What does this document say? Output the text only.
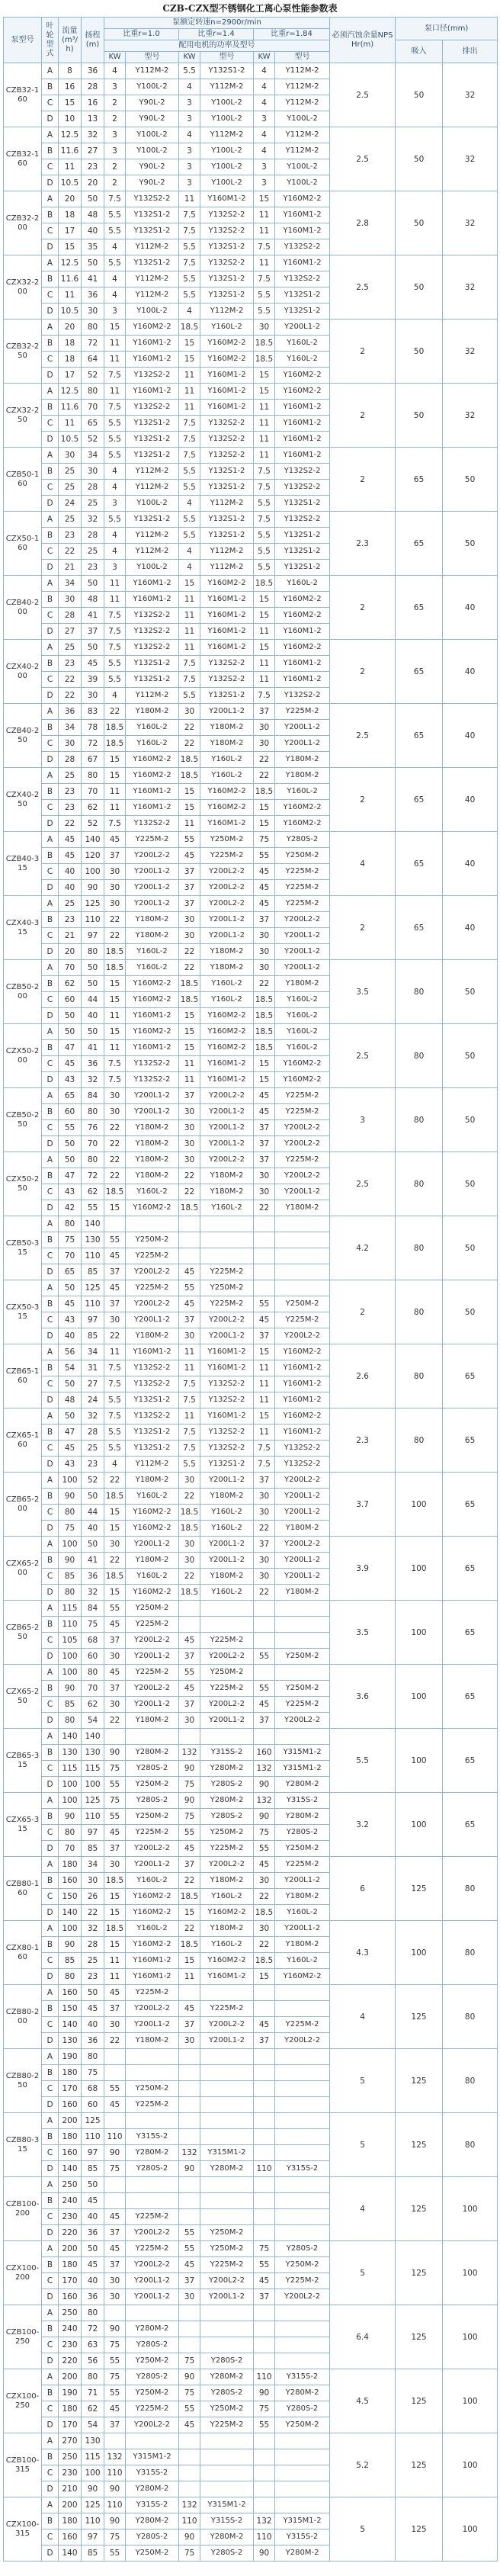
CZB-CZX型不锈钢化工离心泵性能参数表
泵型号	叶轮型式	流量(m³/h)	扬程(m)	泵额定转速n=2900r/min						必须汽蚀余量NPSHr(m)	泵口径(mm)	
				比重r=1.0		比重r=1.4		比重r=1.84				
				配用电机的功率及型号							吸入	排出
				KW	型号	KW	型号	KW	型号			
CZB32-160	A	8	36	4	Y112M-2	5.5	Y132S1-2	4	Y112M-2	2.5	50	32
	B	16	28	3	Y100L-2	4	Y112M-2	4	Y112M-2			
	C	15	16	2	Y90L-2	3	Y100L-2	4	Y112M-2			
	D	10	13	2	Y90L-2	3	Y100L-2	3	Y100L-2			
CZB32-160	A	12.5	32	3	Y100L-2	4	Y112M-2	4	Y112M-2	2.5	50	32
	B	11.6	27	3	Y100L-2	3	Y100L-2	4	Y112M-2			
	C	11	23	2	Y90L-2	3	Y100L-2	3	Y100L-2			
	D	10.5	20	2	Y90L-2	3	Y100L-2	3	Y100L-2			
CZB32-200	A	20	50	7.5	Y132S2-2	11	Y160M1-2	15	Y160M2-2	2.8	50	32
	B	18	48	5.5	Y132S1-2	7.5	Y132S2-2	11	Y160M1-2			
	C	17	40	5.5	Y132S1-2	7.5	Y132S2-2	11	Y160M1-2			
	D	15	35	4	Y112M-2	5.5	Y132S1-2	7.5	Y132S2-2			
CZX32-200	A	12.5	50	5.5	Y132S1-2	7.5	Y132S2-2	11	Y160M1-2	2.5	50	32
	B	11.6	41	4	Y112M-2	5.5	Y132S1-2	7.5	Y132S2-2			
	C	11	36	4	Y112M-2	5.5	Y132S1-2	5.5	Y132S1-2			
	D	10.5	30	3	Y100L-2	4	Y112M-2	5.5	Y132S1-2			
CZB32-250	A	20	80	15	Y160M2-2	18.5	Y160L-2	30	Y200L1-2	2	50	32
	B	18	72	11	Y160M1-2	15	Y160M2-2	18.5	Y160L-2			
	C	18	64	11	Y160M1-2	15	Y160M2-2	18.5	Y160L-2			
	D	17	52	7.5	Y132S2-2	11	Y160M1-2	15	Y160M2-2			
CZX32-250	A	12.5	80	11	Y160M1-2	11	Y160M1-2	15	Y160M2-2	2	50	32
	B	11.6	70	7.5	Y132S2-2	11	Y160M1-2	11	Y160M1-2			
	C	11	65	5.5	Y132S1-2	7.5	Y132S2-2	11	Y160M1-2			
	D	10.5	52	5.5	Y132S1-2	7.5	Y132S2-2	11	Y160M1-2			
CZB50-160	A	30	34	5.5	Y132S1-2	7.5	Y132S2-2	11	Y160M1-2	2	65	50
	B	25	30	4	Y112M-2	5.5	Y132S1-2	7.5	Y132S2-2			
	C	25	28	4	Y112M-2	5.5	Y132S1-2	7.5	Y132S2-2			
	D	24	25	3	Y100L-2	4	Y112M-2	5.5	Y132S1-2			
CZX50-160	A	25	32	5.5	Y132S1-2	5.5	Y132S1-2	7.5	Y132S2-2	2.3	65	50
	B	23	28	4	Y112M-2	5.5	Y132S1-2	5.5	Y132S1-2			
	C	22	25	4	Y112M-2	4	Y112M-2	5.5	Y132S1-2			
	D	21	23	3	Y100L-2	4	Y112M-2	5.5	Y132S1-2			
CZB40-200	A	34	50	11	Y160M1-2	15	Y160M2-2	18.5	Y160L-2	2	65	40
	B	30	48	11	Y160M1-2	11	Y160M1-2	15	Y160M2-2			
	C	28	41	7.5	Y132S2-2	11	Y160M1-2	15	Y160M2-2			
	D	27	37	7.5	Y132S2-2	11	Y160M1-2	11	Y160M1-2			
CZX40-200	A	25	50	7.5	Y132S2-2	11	Y160M1-2	15	Y160M2-2	2	65	40
	B	23	45	5.5	Y132S1-2	7.5	Y132S2-2	11	Y160M1-2			
	C	22	39	5.5	Y132S1-2	7.5	Y132S2-2	11	Y160M1-2			
	D	22	30	4	Y112M-2	5.5	Y132S1-2	7.5	Y132S2-2			
CZB40-250	A	36	83	22	Y180M-2	30	Y200L1-2	37	Y225M-2	2.5	65	40
	B	34	78	18.5	Y160L-2	22	Y180M-2	30	Y200L1-2			
	C	30	72	18.5	Y160L-2	22	Y180M-2	30	Y200L1-2			
	D	28	67	15	Y160M2-2	18.5	Y160L-2	22	Y180M-2			
CZX40-250	A	25	80	15	Y160M2-2	18.5	Y160L-2	22	Y180M-2	2	65	40
	B	23	70	11	Y160M1-2	15	Y160M2-2	18.5	Y160L-2			
	C	23	62	11	Y160M1-2	15	Y160M2-2	15	Y160M2-2			
	D	22	52	7.5	Y132S2-2	11	Y160M1-2	15	Y160M2-2			
CZB40-315	A	45	140	45	Y225M-2	55	Y250M-2	75	Y280S-2	4	65	40
	B	45	120	37	Y200L2-2	45	Y225M-2	55	Y250M-2			
	C	40	100	30	Y200L1-2	37	Y200L2-2	45	Y225M-2			
	D	40	90	30	Y200L1-2	37	Y200L2-2	45	Y225M-2			
CZX40-315	A	25	125	30	Y200L1-2	37	Y200L2-2	45	Y225M-2	2	65	40
	B	23	110	22	Y180M-2	30	Y200L1-2	37	Y200L2-2			
	C	21	97	22	Y180M-2	30	Y200L1-2	30	Y200L1-2			
	D	20	80	18.5	Y160L-2	22	Y180M-2	30	Y200L1-2			
CZB50-200	A	70	50	18.5	Y160L-2	22	Y180M-2	30	Y200L1-2	3.5	80	50
	B	62	50	15	Y160M2-2	18.5	Y160L-2	22	Y180M-2			
	C	60	44	15	Y160M2-2	18.5	Y160L-2	18.5	Y160L-2			
	D	50	40	11	Y160M1-2	15	Y160M2-2	18.5	Y160L-2			
CZX50-200	A	50	50	15	Y160M2-2	15	Y160M2-2	18.5	Y160L-2	2.5	80	50
	B	47	41	11	Y160M1-2	15	Y160M2-2	18.5	Y160L-2			
	C	45	36	7.5	Y132S2-2	11	Y160M1-2	15	Y160M2-2			
	D	43	32	7.5	Y132S2-2	11	Y160M1-2	15	Y160M2-2			
CZB50-250	A	65	84	30	Y200L1-2	37	Y200L2-2	45	Y225M-2	3	80	50
	B	60	80	30	Y200L1-2	30	Y200L1-2	45	Y225M-2			
	C	55	76	22	Y180M-2	30	Y200L1-2	37	Y200L2-2			
	D	50	70	22	Y180M-2	30	Y200L1-2	37	Y200L2-2			
CZX50-250	A	50	80	22	Y180M-2	30	Y200L2-2	37	Y225M-2	2.5	80	50
	B	47	72	22	Y180M-2	22	Y180M-2	30	Y200L2-2			
	C	43	62	18.5	Y160L-2	22	Y180M-2	30	Y200L1-2			
	D	42	55	15	Y160M2-2	18.5	Y160L-2	22	Y180M-2			
CZB50-315	A	80	140							4.2	80	50
	B	75	130	55	Y250M-2							
	C	70	110	45	Y225M-2							
	D	65	85	37	Y200L2-2	45	Y225M-2					
CZX50-315	A	50	125	45	Y225M-2	55	Y250M-2			2	80	50
	B	45	110	37	Y200L2-2	45	Y225M-2	55	Y250M-2			
	C	43	97	30	Y200L1-2	37	Y200L2-2	45	Y225M-2			
	D	40	85	22	Y180M-2	30	Y200L1-2	37	Y200L2-2			
CZB65-160	A	56	34	11	Y160M1-2	11	Y160M1-2	15	Y160M2-2	2.6	80	65
	B	54	31	7.5	Y132S2-2	11	Y160M1-2	11	Y160M1-2			
	C	50	27	7.5	Y132S2-2	7.5	Y132S2-2	11	Y160M1-2			
	D	48	24	5.5	Y132S1-2	7.5	Y132S2-2	11	Y160M1-2			
CZX65-160	A	50	32	7.5	Y132S2-2	11	Y160M1-2	15	Y160M2-2	2.3	80	65
	B	47	28	5.5	Y132S1-2	7.5	Y132S2-2	11	Y160M1-2			
	C	45	25	5.5	Y132S1-2	7.5	Y132S2-2	7.5	Y132S2-2			
	D	43	23	4	Y112M-2	5.5	Y132S1-2	7.5	Y132S2-2			
CZB65-200	A	100	52	22	Y180M-2	30	Y200L1-2	37	Y200L2-2	3.7	100	65
	B	90	50	18.5	Y160L-2	22	Y180M-2	30	Y200L1-2			
	C	80	44	15	Y160M2-2	18.5	Y160L-2	30	Y200L1-2			
	D	75	40	15	Y160M2-2	18.5	Y160L-2	22	Y180M-2			
CZX65-200	A	100	50	30	Y200L1-2	30	Y200L1-2	37	Y200L2-2	3.9	100	65
	B	90	41	22	Y180M-2	30	Y200L1-2	30	Y200L1-2			
	C	85	36	18.5	Y160L-2	22	Y180M-2	30	Y200L1-2			
	D	80	32	15	Y160M2-2	18.5	Y160L-2	22	Y180M-2			
CZB65-250	A	115	84	55	Y250M-2					3.5	100	65
	B	110	75	45	Y225M-2							
	C	105	68	37	Y200L2-2	45	Y225M-2					
	D	100	60	30	Y200L1-2	37	Y200L2-2	55	Y250M-2			
CZX65-250	A	100	80	45	Y225M-2	55	Y250M-2			3.6	100	65
	B	90	70	37	Y200L2-2	45	Y225M-2	55	Y250M-2			
	C	85	62	30	Y200L1-2	37	Y200L2-2	45	Y225M-2			
	D	80	54	22	Y180M-2	30	Y200L1-2	37	Y200L2-2			
CZB65-315	A	140	140							5.5	100	65
	B	130	130	90	Y280M-2	132	Y315S-2	160	Y315M1-2			
	C	115	115	75	Y280S-2	90	Y280M-2	132	Y315M1-2			
	D	100	100	55	Y250M-2	75	Y280S-2	90	Y280M-2			
CZX65-315	A	100	125	75	Y280S-2	90	Y280M-2	132	Y315S-2	3.2	100	65
	B	90	110	55	Y250M-2	75	Y280S-2	90	Y280M-2			
	C	80	97	45	Y225M-2	55	Y250M-2	75	Y280S-2			
	D	70	85	37	Y200L2-2	45	Y225M-2	55	Y250M-2			
CZB80-160	A	180	34	30	Y200L1-2	37	Y200L2-2	45	Y225M-2	6	125	80
	B	160	30	18.5	Y160L-2	22	Y180M-2	30	Y200L1-2			
	C	150	26	15	Y160M2-2	18.5	Y160L-2	22	Y180M-2			
	D	140	22	15	Y160M2-2	15	Y160M2-2	18.5	Y160L-2			
CZX80-160	A	100	32	18.5	Y160L-2	22	Y180M-2	30	Y200L1-2	4.3	100	80
	B	90	28	15	Y160M2-2	18.5	Y160L-2	22	Y180M-2			
	C	85	25	11	Y160M1-2	15	Y160M2-2	18.5	Y160L-2			
	D	80	23	11	Y160M1-2	11	Y160M1-2	15	Y160M2-2			
CZB80-200	A	160	50	45	Y225M-2					4	125	80
	B	150	45	37	Y200L2-2	45	Y225M-2					
	C	140	40	30	Y200L1-2	37	Y200L2-2	45	Y225M-2			
	D	130	36	22	Y180M-2	30	Y200L1-2	37	Y200L2-2			
CZB80-250	A	190	80							5	125	80
	B	180	75									
	C	170	68	55	Y250M-2							
	D	160	60	45	Y225M-2							
CZB80-315	A	200	125							5	125	80
	B	180	110	110	Y315S-2							
	C	160	97	90	Y280M-2	132	Y315M1-2					
	D	140	85	75	Y280S-2	90	Y280M-2	110	Y315S-2			
CZB100-200	A	250	50							4	125	100
	B	240	45									
	C	230	40	45	Y225M-2							
	D	220	36	37	Y200L2-2	55	Y250M-2					
CZX100-200	A	200	50	45	Y225M-2	55	Y250M-2	75	Y280S-2	5	125	100
	B	180	45	37	Y200L2-2	45	Y225M-2	55	Y250M-2			
	C	170	40	30	Y200L1-2	37	Y200L2-2	45	Y225M-2			
	D	160	36	30	Y200L1-2	30	Y200L1-2	37	Y200L2-2			
CZB100-250	A	250	80							6.4	125	100
	B	240	72	90	Y280M-2							
	C	230	63	75	Y280S-2							
	D	220	56	55	Y250M-2	75	Y280S-2					
CZX100-250	A	200	80	75	Y280S-2	90	Y280M-2	110	Y315S-2	4.5	125	100
	B	190	71	55	Y250M-2	75	Y280S-2	90	Y280M-2			
	C	180	62	45	Y225M-2	55	Y250M-2	75	Y280S-2			
	D	170	54	37	Y200L2-2	45	Y225M-2	55	Y250M-2			
CZB100-315	A	270	130							5.2	125	100
	B	250	115	132	Y315M1-2							
	C	230	100	110	Y315S-2							
	D	210	90	90	Y280M-2							
CZX100-315	A	200	125	110	Y315S-2	132	Y315M1-2			5	125	100
	B	180	110	90	Y280M-2	110	Y315S-2	132	Y315M1-2			
	C	160	97	75	Y280S-2	90	Y280M-2	110	Y315S-2			
	D	140	85	55	Y250M-2	75	Y280S-2	90	Y280M-2			
